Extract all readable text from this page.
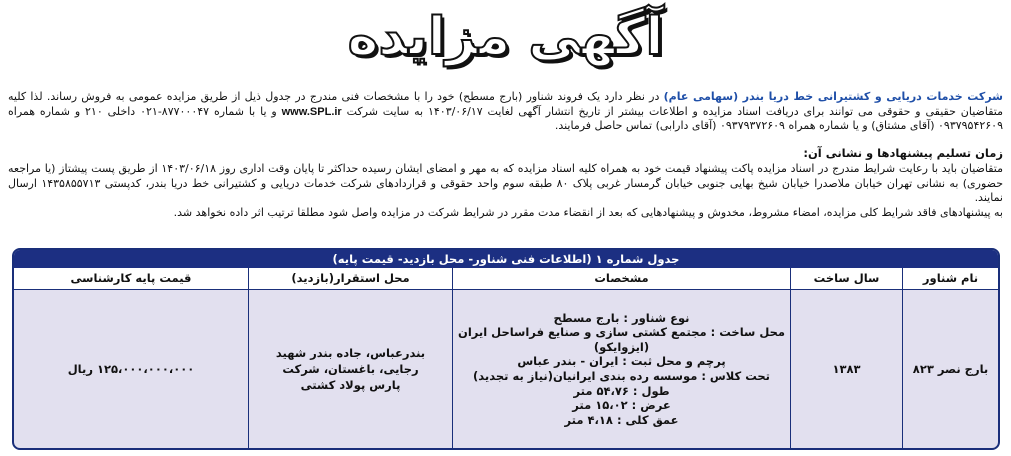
آگهی مزایده
شرکت خدمات دریایی و کشتیرانی خط دریا بندر (سهامی عام) در نظر دارد یک فروند شناور (بارج مسطح) خود را با مشخصات فنی مندرج در جدول ذیل از طریق مزایده عمومی به فروش رساند. لذا کلیه متقاضیان حقیقی و حقوقی می توانند برای دریافت اسناد مزایده و اطلاعات بیشتر از تاریخ انتشار آگهی لغایت ۱۴۰۳/۰۶/۱۷ به سایت شرکت www.SPL.ir و یا با شماره ۸۷۷۰۰۰۴۷-۰۲۱ داخلی ۲۱۰ و شماره همراه ۰۹۳۷۹۵۴۲۶۰۹ (آقای مشتاق) و یا شماره همراه ۰۹۳۷۹۳۷۲۶۰۹ (آقای دارابی) تماس حاصل فرمایند.
زمان تسلیم پیشنهادها و نشانی آن:
متقاضیان باید با رعایت شرایط مندرج در اسناد مزایده پاکت پیشنهاد قیمت خود به همراه کلیه اسناد مزایده که به مهر و امضای ایشان رسیده حداکثر تا پایان وقت اداری روز ۱۴۰۳/۰۶/۱۸ از طریق پست پیشتاز (یا مراجعه حضوری) به نشانی تهران خیابان ملاصدرا خیابان شیخ بهایی جنوبی خیابان گرمسار غربی پلاک ۸۰ طبقه سوم واحد حقوقی و قراردادهای شرکت خدمات دریایی و کشتیرانی خط دریا بندر، کدپستی ۱۴۳۵۸۵۵۷۱۳ ارسال نمایند.
به پیشنهادهای فاقد شرایط کلی مزایده، امضاء مشروط، مخدوش و پیشنهادهایی که بعد از انقضاء مدت مقرر در شرایط شرکت در مزایده واصل شود مطلقا ترتیب اثر داده نخواهد شد.
جدول شماره ۱ (اطلاعات فنی شناور- محل بازدید- قیمت پایه)
نام شناور
سال ساخت
مشخصات
محل استقرار(بازدید)
قیمت پایه کارشناسی
بارج نصر ۸۲۳
۱۳۸۳
نوع شناور : بارج مسطح
محل ساخت : مجتمع کشتی سازی و صنایع فراساحل ایران
(ایزوایکو)
پرچم و محل ثبت : ایران - بندر عباس
تحت کلاس : موسسه رده بندی ایرانیان(نیاز به تجدید)
طول : ۵۴،۷۶ متر
عرض : ۱۵،۰۲ متر
عمق کلی : ۴،۱۸ متر
بندرعباس، جاده بندر شهید رجایی، باغستان، شرکت پارس پولاد کشتی
۱۲۵،۰۰۰،۰۰۰،۰۰۰ ریال
